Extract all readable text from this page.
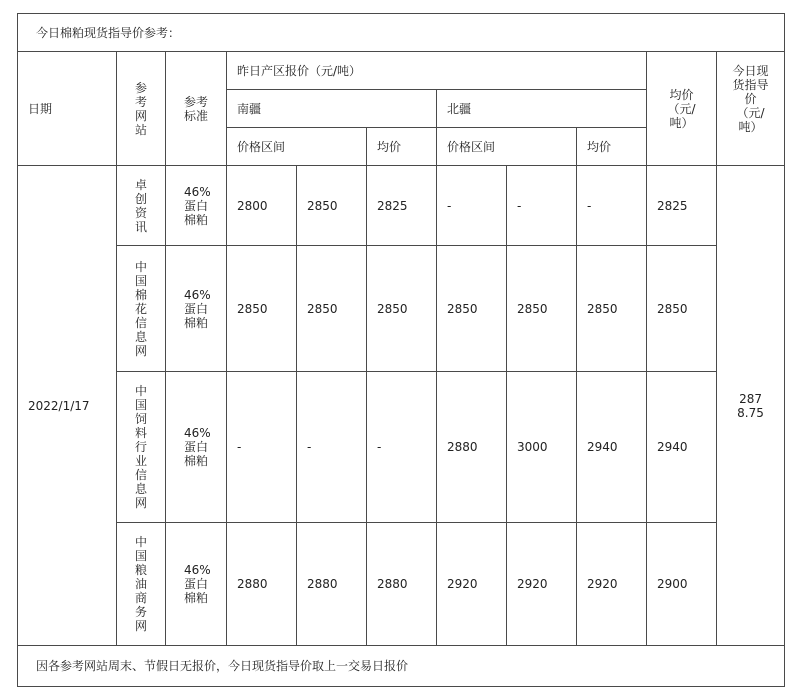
今日棉粕现货指导价参考：										
日期	参考网站	参考标准	昨日产区报价（元/吨）						均价（元/吨）	今日现货指导价（元/吨）

			南疆			北疆				
			价格区间		均价	价格区间		均价		
2022/1/17	卓创资讯	46%蛋白棉粕	2800	2850	2825	-	-	-	2825	2878.75

	中国棉花信息网	46%蛋白棉粕	2850	2850	2850	2850	2850	2850	2850	

	中国饲料行业信息网	46%蛋白棉粕	-	-	-	2880	3000	2940	2940	

	中国粮油商务网	46%蛋白棉粕	2880	2880	2880	2920	2920	2920	2900	
因各参考网站周末、节假日无报价，今日现货指导价取上一交易日报价										
